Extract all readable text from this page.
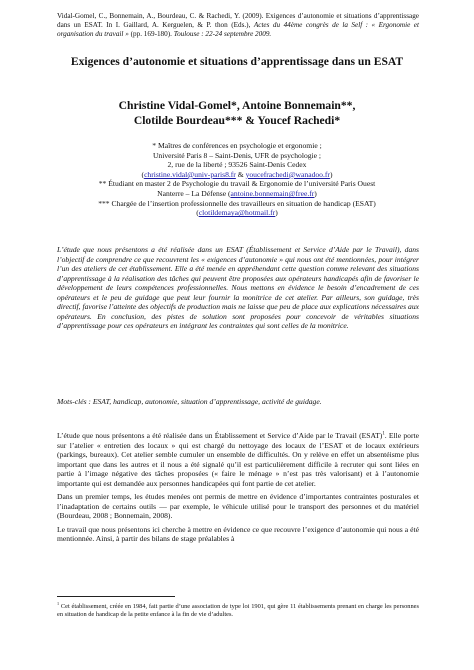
Vidal-Gomel, C., Bonnemain, A., Bourdeau, C. & Rachedi, Y. (2009). Exigences d’autonomie et situations d’apprentissage dans un ESAT. In I. Gaillard, A. Kerguelen, & P. thon (Eds.), Actes du 44ème congrès de la Self : « Ergonomie et organisation du travail » (pp. 169-180). Toulouse : 22-24 septembre 2009.
Exigences d’autonomie et situations d’apprentissage dans un ESAT
Christine Vidal-Gomel*, Antoine Bonnemain**,
Clotilde Bourdeau*** & Youcef Rachedi*
* Maîtres de conférences en psychologie et ergonomie ;
Université Paris 8 – Saint-Denis, UFR de psychologie ;
2, rue de la liberté ; 93526 Saint-Denis Cedex
(christine.vidal@univ-paris8.fr & youcefrachedi@wanadoo.fr)
** Étudiant en master 2 de Psychologie du travail & Ergonomie de l’université Paris Ouest
Nanterre – La Défense (antoine.bonnemain@free.fr)
*** Chargée de l’insertion professionnelle des travailleurs en situation de handicap (ESAT)
(clotildemaya@hotmail.fr)
L’étude que nous présentons a été réalisée dans un ESAT (Établissement et Service d’Aide par le Travail), dans l’objectif de comprendre ce que recouvrent les « exigences d’autonomie » qui nous ont été mentionnées, pour intégrer l’un des ateliers de cet établissement. Elle a été menée en appréhendant cette question comme relevant des situations d’apprentissage à la réalisation des tâches qui peuvent être proposées aux opérateurs handicapés afin de favoriser le développement de leurs compétences professionnelles. Nous mettons en évidence le besoin d’encadrement de ces opérateurs et le peu de guidage que peut leur fournir la monitrice de cet atelier. Par ailleurs, son guidage, très directif, favorise l’atteinte des objectifs de production mais ne laisse que peu de place aux explications nécessaires aux opérateurs. En conclusion, des pistes de solution sont proposées pour concevoir de véritables situations d’apprentissage pour ces opérateurs en intégrant les contraintes qui sont celles de la monitrice.
Mots-clés : ESAT, handicap, autonomie, situation d’apprentissage, activité de guidage.

L’étude que nous présentons a été réalisée dans un Établissement et Service d’Aide par le Travail (ESAT)$^1$. Elle porte sur l’atelier « entretien des locaux » qui est chargé du nettoyage des locaux de l’ESAT et de locaux extérieurs (parkings, bureaux). Cet atelier semble cumuler un ensemble de difficultés. On y relève en effet un absentéisme plus important que dans les autres et il nous a été signalé qu’il est particulièrement difficile à recruter qui sont liées en partie à l’image négative des tâches proposées (« faire le ménage » n’est pas très valorisant) et à l’autonomie importante qui est demandée aux personnes handicapées qui font partie de cet atelier.

Dans un premier temps, les études menées ont permis de mettre en évidence d’importantes contraintes posturales et l’inadaptation de certains outils — par exemple, le véhicule utilisé pour le transport des personnes et du matériel (Bourdeau, 2008 ; Bonnemain, 2008).

Le travail que nous présentons ici cherche à mettre en évidence ce que recouvre l’exigence d’autonomie qui nous a été mentionnée. Ainsi, à partir des bilans de stage préalables à

$^1$ Cet établissement, créée en 1984, fait partie d’une association de type loi 1901, qui gère 11 établissements prenant en charge les personnes en situation de handicap de la petite enfance à la fin de vie d’adultes.
